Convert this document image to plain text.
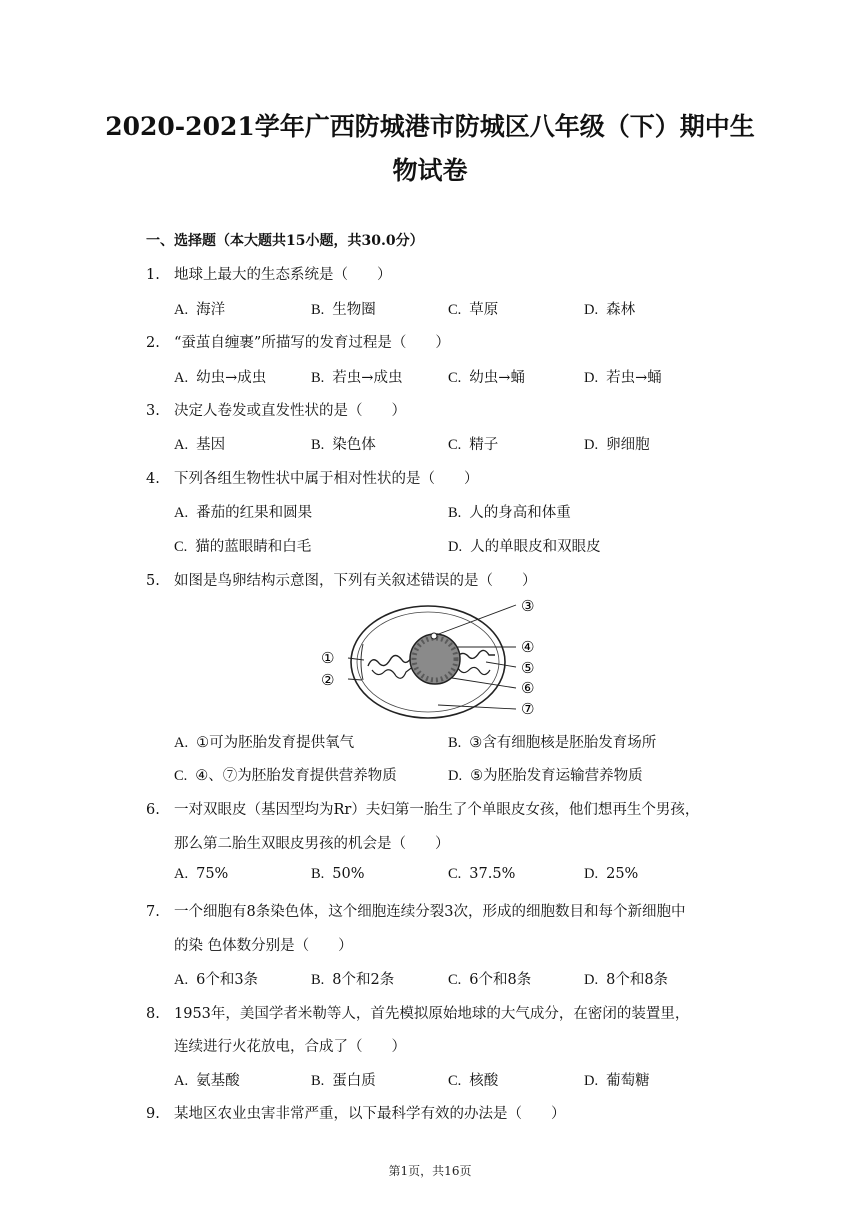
2020-2021学年广西防城港市防城区八年级（下）期中生
物试卷
一、选择题（本大题共15小题，共30.0分）
1. 地球上最大的生态系统是（　　）
A. 海洋	B. 生物圈	C. 草原	D. 森林
2. “蚕茧自缠裹”所描写的发育过程是（　　）
A. 幼虫→成虫	B. 若虫→成虫	C. 幼虫→蛹	D. 若虫→蛹
3. 决定人卷发或直发性状的是（　　）
A. 基因	B. 染色体	C. 精子	D. 卵细胞
4. 下列各组生物性状中属于相对性状的是（　　）
A. 番茄的红果和圆果	B. 人的身高和体重
C. 猫的蓝眼睛和白毛	D. 人的单眼皮和双眼皮
5. 如图是鸟卵结构示意图，下列有关叙述错误的是（　　）
①
②
③
④
⑤
⑥
⑦
A. ①可为胚胎发育提供氧气	B. ③含有细胞核是胚胎发育场所
C. ④、⑦为胚胎发育提供营养物质	D. ⑤为胚胎发育运输营养物质
6. 一对双眼皮（基因型均为Rr）夫妇第一胎生了个单眼皮女孩，他们想再生个男孩，
那么第二胎生双眼皮男孩的机会是（　　）
A. 75%	B. 50%	C. 37.5%	D. 25%
7. 一个细胞有8条染色体，这个细胞连续分裂3次，形成的细胞数目和每个新细胞中
的染 色体数分别是（　　）
A. 6个和3条	B. 8个和2条	C. 6个和8条	D. 8个和8条
8. 1953年，美国学者米勒等人，首先模拟原始地球的大气成分，在密闭的装置里，
连续进行火花放电，合成了（　　）
A. 氨基酸	B. 蛋白质	C. 核酸	D. 葡萄糖
9. 某地区农业虫害非常严重，以下最科学有效的办法是（　　）
第1页，共16页
